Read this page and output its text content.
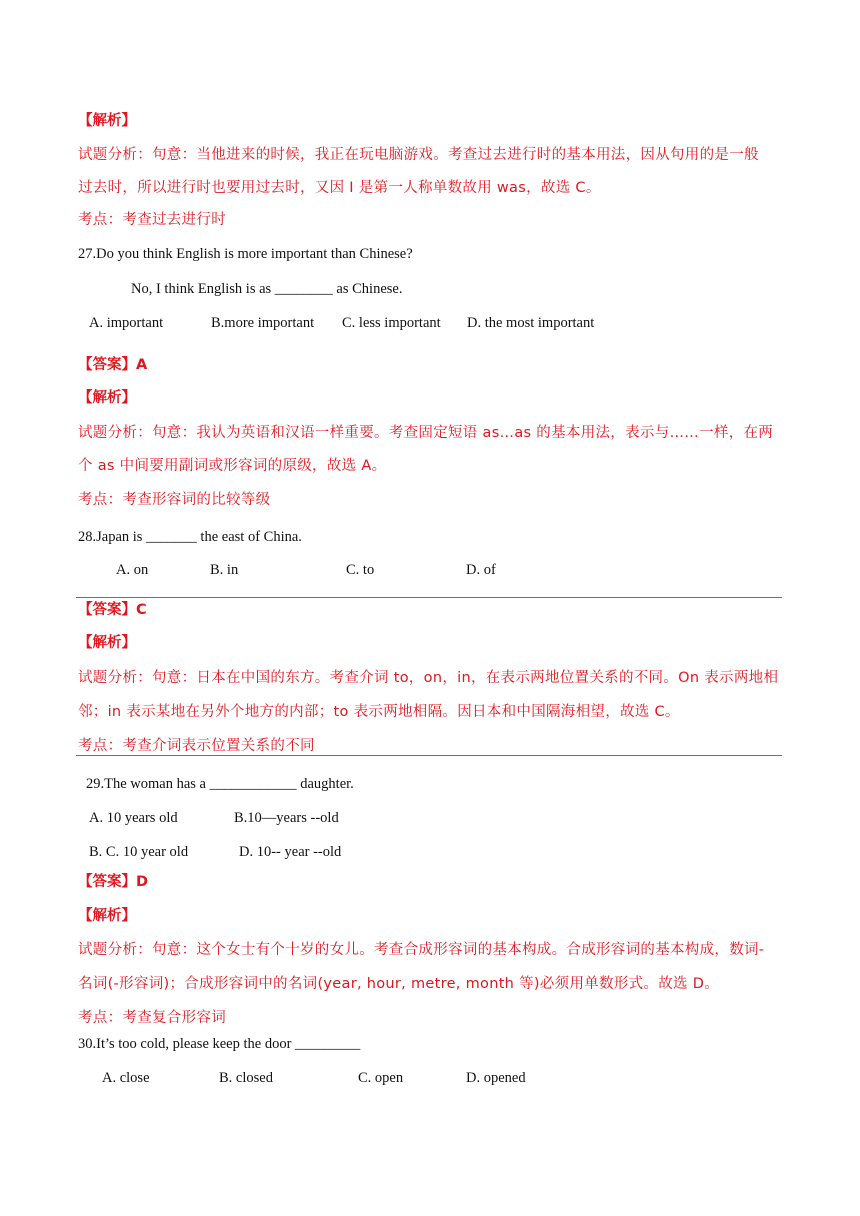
【解析】
试题分析：句意：当他进来的时候，我正在玩电脑游戏。考查过去进行时的基本用法，因从句用的是一般
过去时，所以进行时也要用过去时，又因 I 是第一人称单数故用 was，故选 C。
考点：考查过去进行时
27.Do you think English is more important than Chinese?
No, I think English is as ________ as Chinese.
A. important	B.more important C. less important D. the most important
【答案】A
【解析】
试题分析：句意：我认为英语和汉语一样重要。考查固定短语 as…as 的基本用法，表示与……一样，在两
个 as 中间要用副词或形容词的原级，故选 A。
考点：考查形容词的比较等级
28.Japan is _______ the east of China.
A. on	B. in	C. to	D. of
【答案】C
【解析】
试题分析：句意：日本在中国的东方。考查介词 to，on，in，在表示两地位置关系的不同。On 表示两地相
邻；in 表示某地在另外个地方的内部；to 表示两地相隔。因日本和中国隔海相望，故选 C。
考点：考查介词表示位置关系的不同
29.The woman has a ____________ daughter.
A. 10 years old	B.10—years --old
B. C. 10 year old	D. 10-- year --old
【答案】D
【解析】
试题分析：句意：这个女士有个十岁的女儿。考查合成形容词的基本构成。合成形容词的基本构成，数词-
名词(-形容词)；合成形容词中的名词(year, hour, metre, month 等)必须用单数形式。故选 D。
考点：考查复合形容词
30.It’s too cold, please keep the door _________
A. close	B. closed	C. open	D. opened
